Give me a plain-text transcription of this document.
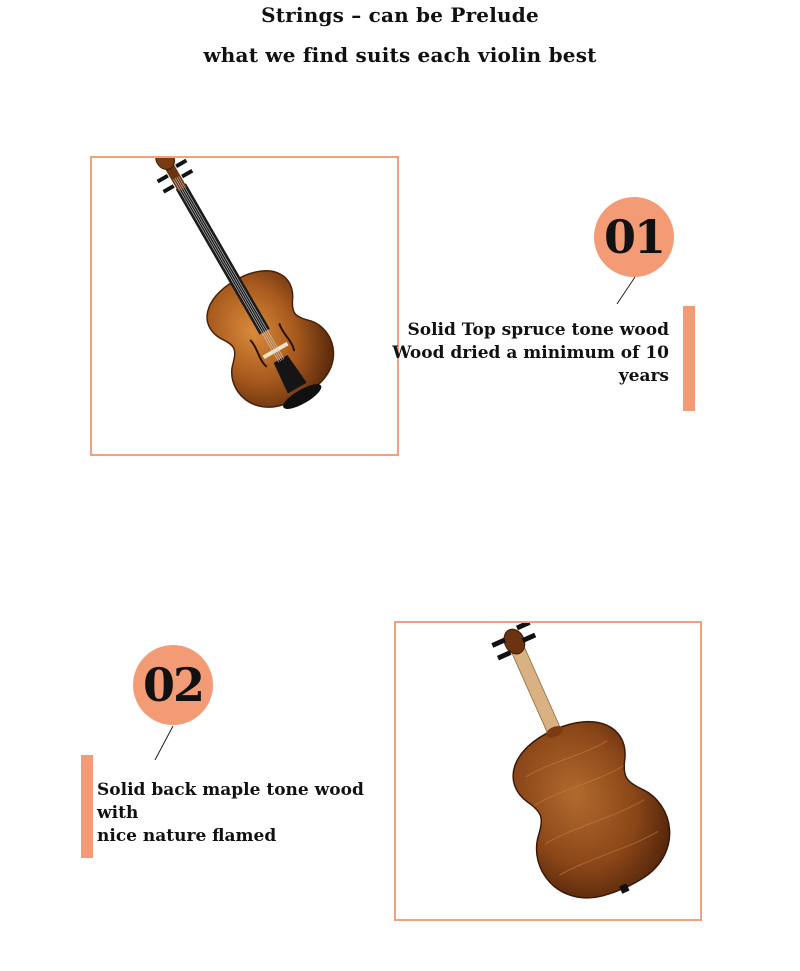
Strings – can be Prelude
what we find suits each violin best
01
Solid Top spruce tone wood
Wood dried a minimum of 10
years
02
Solid back maple tone wood with
nice nature flamed
